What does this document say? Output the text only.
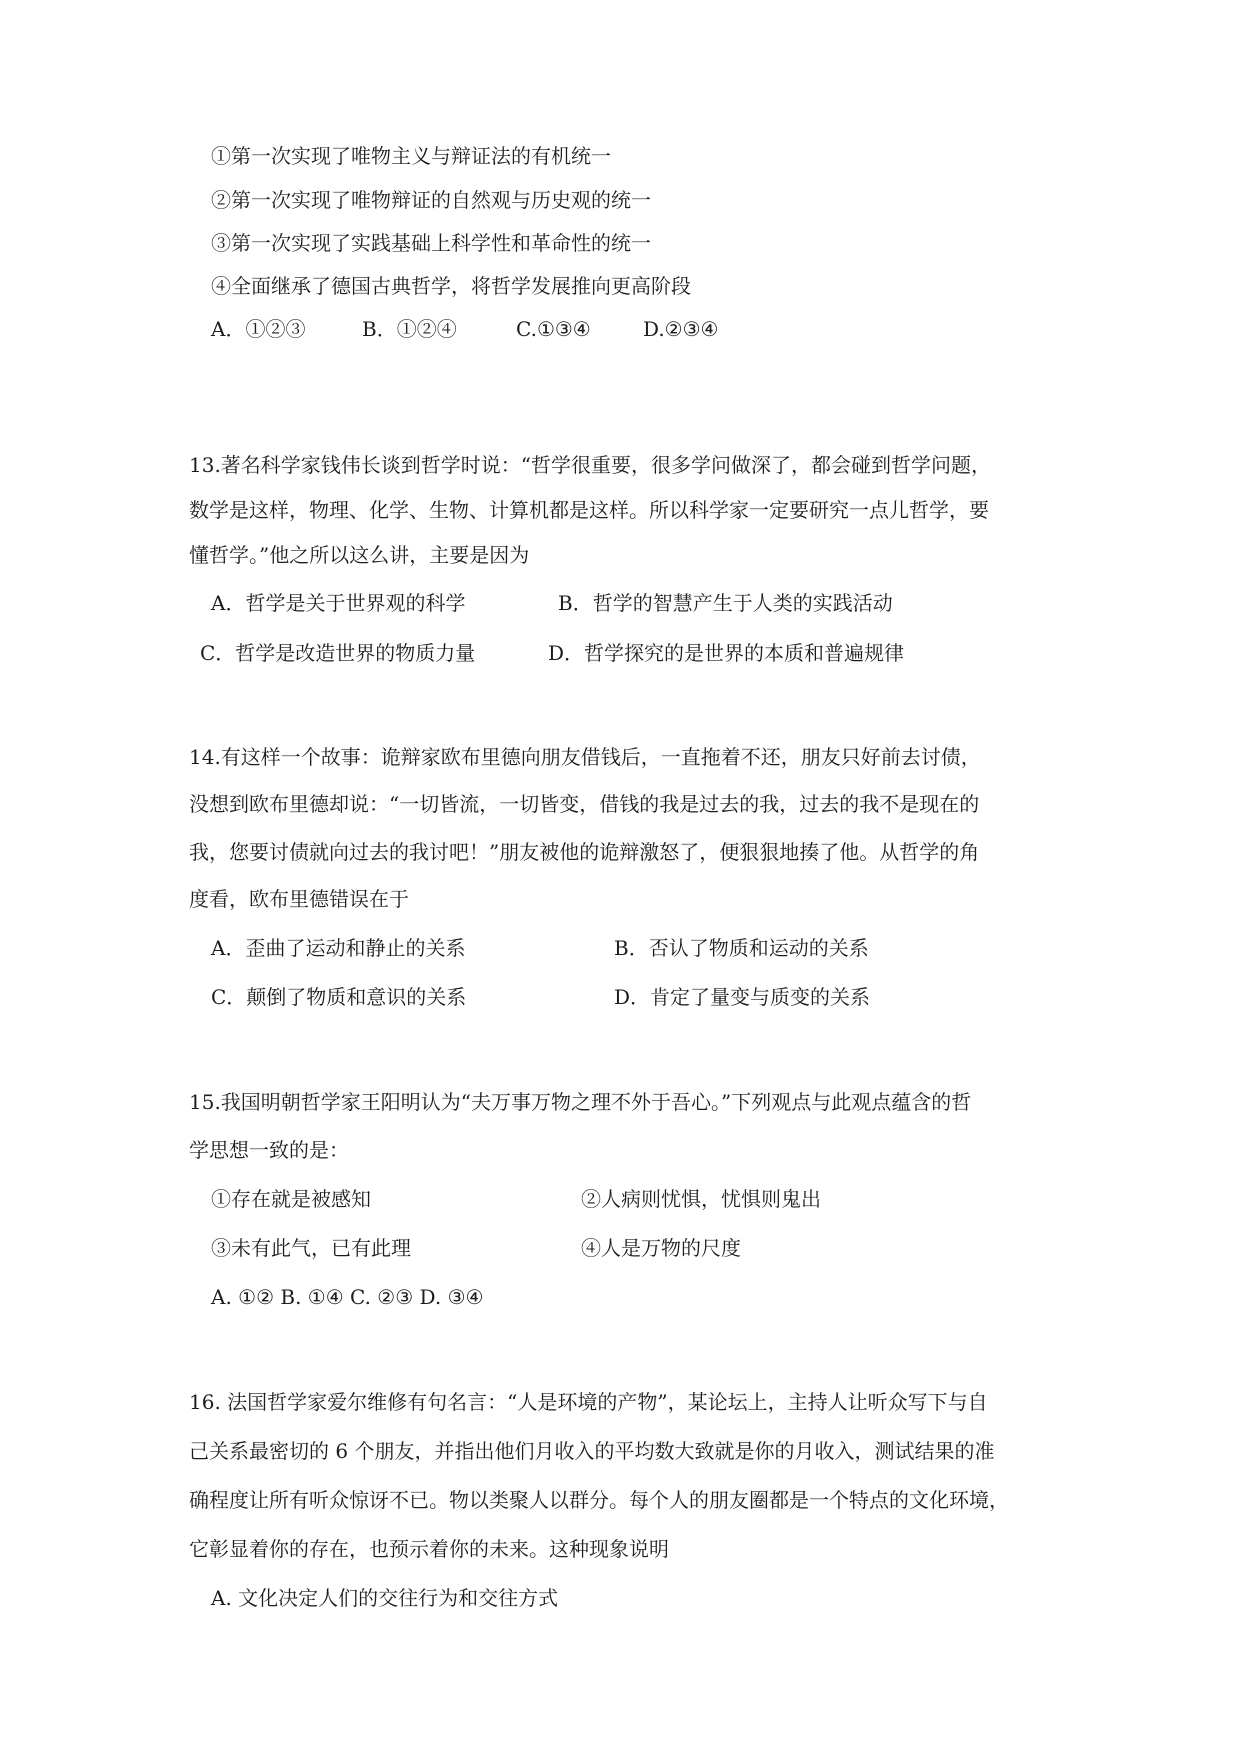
①第一次实现了唯物主义与辩证法的有机统一
②第一次实现了唯物辩证的自然观与历史观的统一
③第一次实现了实践基础上科学性和革命性的统一
④全面继承了德国古典哲学，将哲学发展推向更高阶段
A．①②③	B．①②④	C.①③④	D.②③④
13.著名科学家钱伟长谈到哲学时说：“哲学很重要，很多学问做深了，都会碰到哲学问题，
数学是这样，物理、化学、生物、计算机都是这样。所以科学家一定要研究一点儿哲学，要
懂哲学。”他之所以这么讲，主要是因为
A．哲学是关于世界观的科学	B．哲学的智慧产生于人类的实践活动
C．哲学是改造世界的物质力量	D．哲学探究的是世界的本质和普遍规律
14.有这样一个故事：诡辩家欧布里德向朋友借钱后，一直拖着不还，朋友只好前去讨债，
没想到欧布里德却说：“一切皆流，一切皆变，借钱的我是过去的我，过去的我不是现在的
我，您要讨债就向过去的我讨吧！”朋友被他的诡辩激怒了，便狠狠地揍了他。从哲学的角
度看，欧布里德错误在于
A．歪曲了运动和静止的关系	B．否认了物质和运动的关系
C．颠倒了物质和意识的关系	D．肯定了量变与质变的关系
15.我国明朝哲学家王阳明认为“夫万事万物之理不外于吾心。”下列观点与此观点蕴含的哲
学思想一致的是：
①存在就是被感知	②人病则忧惧，忧惧则鬼出
③未有此气，已有此理	④人是万物的尺度
A. ①② B. ①④ C. ②③ D. ③④
16. 法国哲学家爱尔维修有句名言：“人是环境的产物”，某论坛上，主持人让听众写下与自
己关系最密切的 6 个朋友，并指出他们月收入的平均数大致就是你的月收入，测试结果的准
确程度让所有听众惊讶不已。物以类聚人以群分。每个人的朋友圈都是一个特点的文化环境，
它彰显着你的存在，也预示着你的未来。这种现象说明
A. 文化决定人们的交往行为和交往方式
